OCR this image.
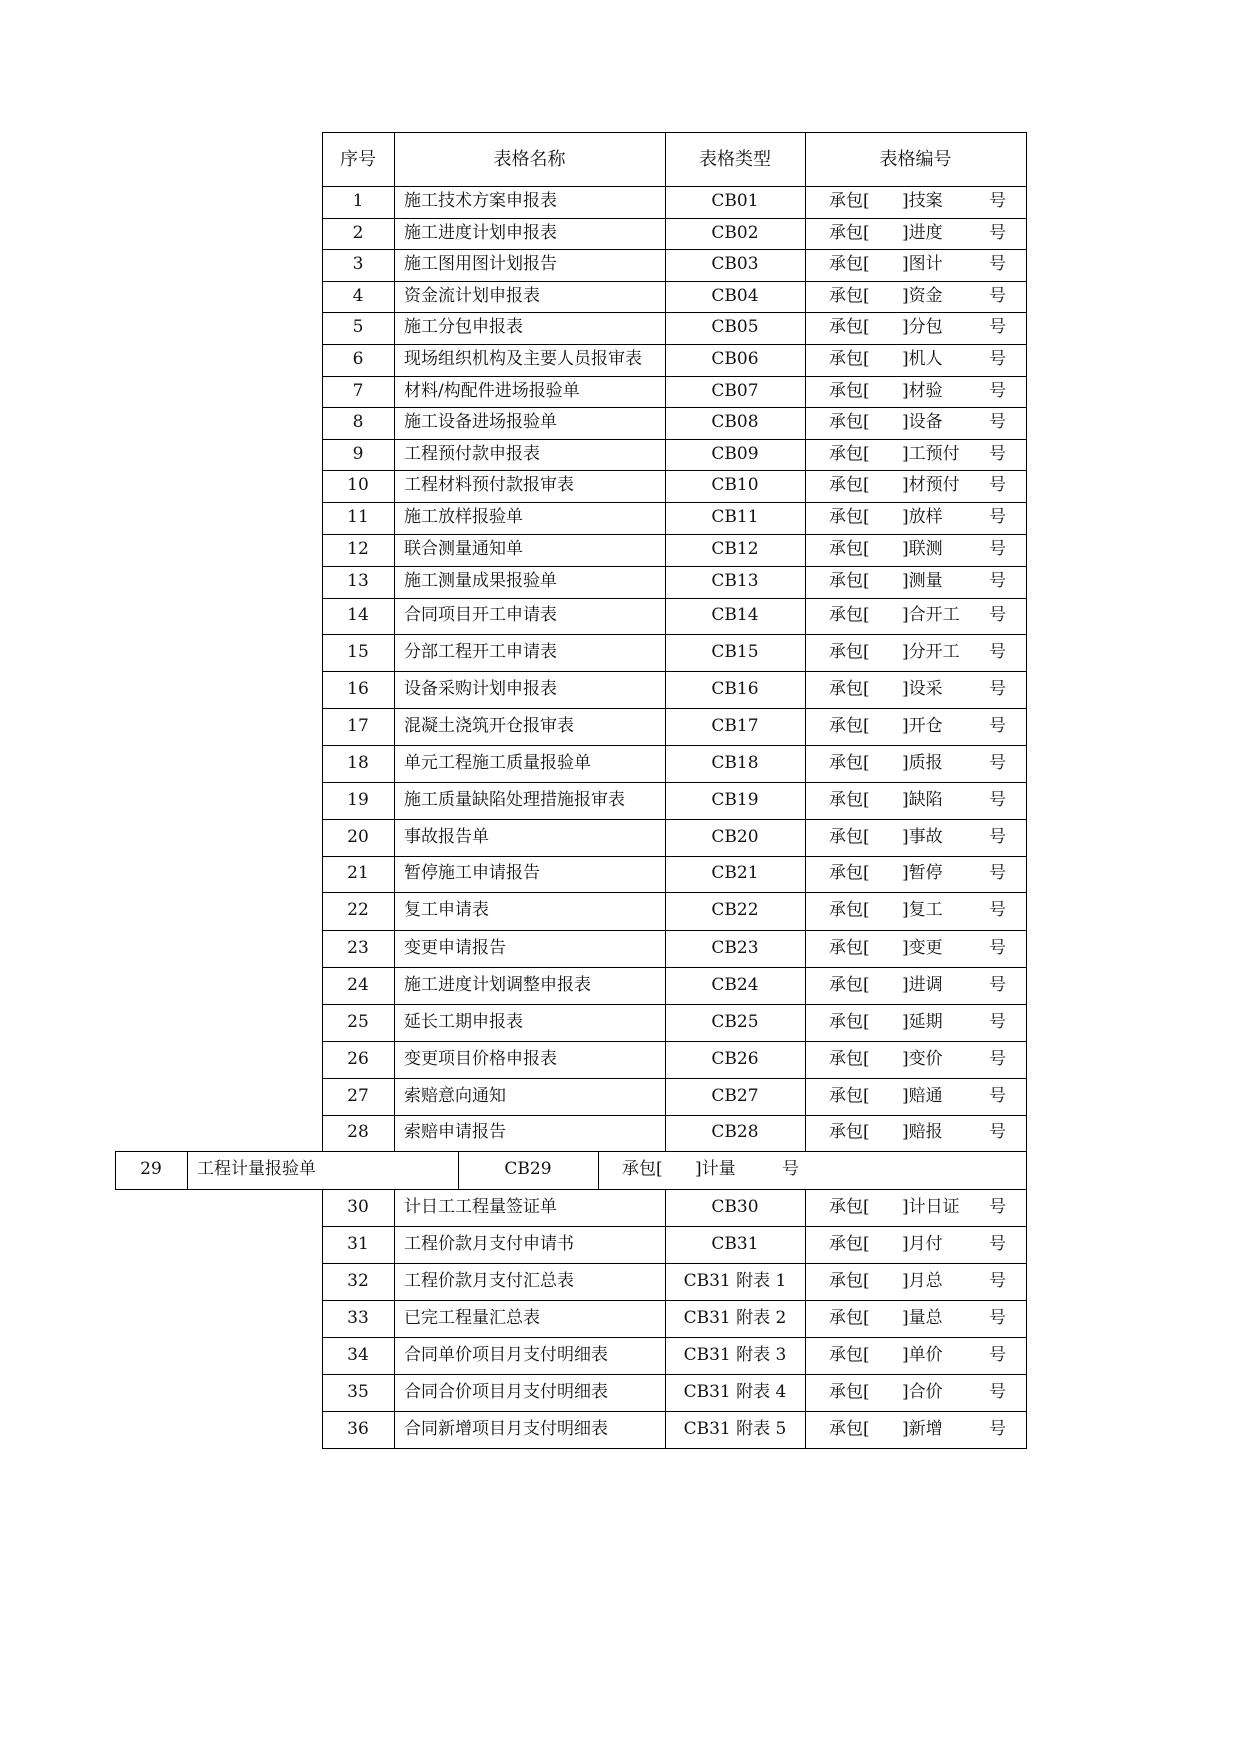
序号	表格名称	表格类型	表格编号
1	施工技术方案申报表	CB01	承包[ ]技案	号
2	施工进度计划申报表	CB02	承包[ ]进度	号
3	施工图用图计划报告	CB03	承包[ ]图计	号
4	资金流计划申报表	CB04	承包[ ]资金	号
5	施工分包申报表	CB05	承包[ ]分包	号
6	现场组织机构及主要人员报审表	CB06	承包[ ]机人	号
7	材料/构配件进场报验单	CB07	承包[ ]材验	号
8	施工设备进场报验单	CB08	承包[ ]设备	号
9	工程预付款申报表	CB09	承包[ ]工预付 号
10	工程材料预付款报审表	CB10	承包[ ]材预付 号
11	施工放样报验单	CB11	承包[ ]放样	号
12	联合测量通知单	CB12	承包[ ]联测	号
13	施工测量成果报验单	CB13	承包[ ]测量	号
14	合同项目开工申请表	CB14	承包[ ]合开工 号
15	分部工程开工申请表	CB15	承包[ ]分开工 号
16	设备采购计划申报表	CB16	承包[ ]设采	号
17	混凝土浇筑开仓报审表	CB17	承包[ ]开仓	号
18	单元工程施工质量报验单	CB18	承包[ ]质报	号
19	施工质量缺陷处理措施报审表	CB19	承包[ ]缺陷	号
20	事故报告单	CB20	承包[ ]事故	号
21	暂停施工申请报告	CB21	承包[ ]暂停	号
22	复工申请表	CB22	承包[ ]复工	号
23	变更申请报告	CB23	承包[ ]变更	号
24	施工进度计划调整申报表	CB24	承包[ ]进调	号
25	延长工期申报表	CB25	承包[ ]延期	号
26	变更项目价格申报表	CB26	承包[ ]变价	号
27	索赔意向通知	CB27	承包[ ]赔通	号
28	索赔申请报告	CB28	承包[ ]赔报	号
29	工程计量报验单	CB29	承包[ ]计量	号
30	计日工工程量签证单	CB30	承包[ ]计日证 号
31	工程价款月支付申请书	CB31	承包[ ]月付	号
32	工程价款月支付汇总表	CB31 附表 1	承包[ ]月总	号
33	已完工程量汇总表	CB31 附表 2	承包[ ]量总	号
34	合同单价项目月支付明细表	CB31 附表 3	承包[ ]单价	号
35	合同合价项目月支付明细表	CB31 附表 4	承包[ ]合价	号
36	合同新增项目月支付明细表	CB31 附表 5	承包[ ]新增	号
